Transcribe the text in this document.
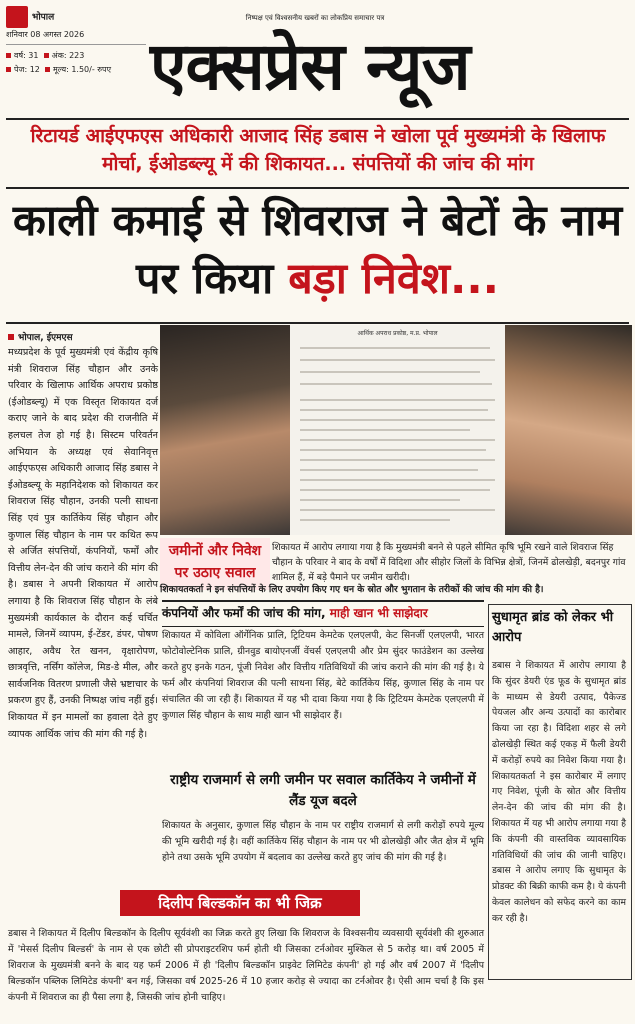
भोपाल
शनिवार 08 अगस्त 2026
वर्ष: 31 अंक: 223
पेज: 12 मूल्य: 1.50/- रुपए
निष्पक्ष एवं विश्वसनीय खबरों का लोकप्रिय समाचार पत्र
एक्सप्रेस न्यूज
रिटायर्ड आईएफएस अधिकारी आजाद सिंह डबास ने खोला पूर्व मुख्यमंत्री के खिलाफ मोर्चा, ईओडब्ल्यू में की शिकायत... संपत्तियों की जांच की मांग
काली कमाई से शिवराज ने बेटों के नाम पर किया बड़ा निवेश...
भोपाल, ईएमएस
मध्यप्रदेश के पूर्व मुख्यमंत्री एवं केंद्रीय कृषि मंत्री शिवराज सिंह चौहान और उनके परिवार के खिलाफ आर्थिक अपराध प्रकोष्ठ (ईओडब्ल्यू) में एक विस्तृत शिकायत दर्ज कराए जाने के बाद प्रदेश की राजनीति में हलचल तेज हो गई है। सिस्टम परिवर्तन अभियान के अध्यक्ष एवं सेवानिवृत्त आईएफएस अधिकारी आजाद सिंह डबास ने ईओडब्ल्यू के महानिदेशक को शिकायत कर शिवराज सिंह चौहान, उनकी पत्नी साधना सिंह एवं पुत्र कार्तिकेय सिंह चौहान और कुणाल सिंह चौहान के नाम पर कथित रूप से अर्जित संपत्तियों, कंपनियों, फर्मों और वित्तीय लेन-देन की जांच कराने की मांग की है। डबास ने अपनी शिकायत में आरोप लगाया है कि शिवराज सिंह चौहान के लंबे मुख्यमंत्री कार्यकाल के दौरान कई चर्चित मामले, जिनमें व्यापम, ई-टेंडर, डंपर, पोषण आहार, अवैध रेत खनन, वृक्षारोपण, छात्रवृत्ति, नर्सिंग कॉलेज, मिड-डे मील, और सार्वजनिक वितरण प्रणाली जैसे भ्रष्टाचार के प्रकरण हुए हैं, उनकी निष्पक्ष जांच नहीं हुई। शिकायत में इन मामलों का हवाला देते हुए व्यापक आर्थिक जांच की मांग की गई है।
आर्थिक अपराध प्रकोष्ठ, म.प्र. भोपाल
जमीनों और निवेश
पर उठाए सवाल
शिकायत में आरोप लगाया गया है कि मुख्यमंत्री बनने से पहले सीमित कृषि भूमि रखने वाले शिवराज सिंह चौहान के परिवार ने बाद के वर्षों में विदिशा और सीहोर जिलों के विभिन्न क्षेत्रों, जिनमें ढोलखेड़ी, बदनपुर गांव शामिल हैं, में बड़े पैमाने पर जमीन खरीदी।
शिकायतकर्ता ने इन संपत्तियों के लिए उपयोग किए गए धन के स्रोत और भुगतान के तरीकों की जांच की मांग की है।
कंपनियों और फर्मों की जांच की मांग, माही खान भी साझेदार
शिकायत में कोविला ऑर्गेनिक प्रालि, ट्रिटियम केमटेक एलएलपी, केट सिनर्जी एलएलपी, भारत फोटोवोल्टेनिक प्रालि, ग्रीनवुड बायोएनर्जी वेंचर्स एलएलपी और प्रेम सुंदर फाउंडेशन का उल्लेख करते हुए इनके गठन, पूंजी निवेश और वित्तीय गतिविधियों की जांच कराने की मांग की गई है। ये फर्म और कंपनियां शिवराज की पत्नी साधना सिंह, बेटे कार्तिकेय सिंह, कुणाल सिंह के नाम पर संचालित की जा रही हैं। शिकायत में यह भी दावा किया गया है कि ट्रिटियम केमटेक एलएलपी में कुणाल सिंह चौहान के साथ माही खान भी साझेदार हैं।
राष्ट्रीय राजमार्ग से लगी जमीन पर सवाल कार्तिकेय ने जमीनों में लैंड यूज बदले
शिकायत के अनुसार, कुणाल सिंह चौहान के नाम पर राष्ट्रीय राजमार्ग से लगी करोड़ों रुपये मूल्य की भूमि खरीदी गई है। वहीं कार्तिकेय सिंह चौहान के नाम पर भी ढोलखेड़ी और जैत क्षेत्र में भूमि होने तथा उसके भूमि उपयोग में बदलाव का उल्लेख करते हुए जांच की मांग की गई है।
सुधामृत ब्रांड को लेकर भी आरोप
डबास ने शिकायत में आरोप लगाया है कि सुंदर डेयरी एंड फूड के सुधामृत ब्रांड के माध्यम से डेयरी उत्पाद, पैकेज्ड पेयजल और अन्य उत्पादों का कारोबार किया जा रहा है। विदिशा शहर से लगे ढोलखेड़ी स्थित कई एकड़ में फैली डेयरी में करोड़ों रुपये का निवेश किया गया है। शिकायतकर्ता ने इस कारोबार में लगाए गए निवेश, पूंजी के स्रोत और वित्तीय लेन-देन की जांच की मांग की है। शिकायत में यह भी आरोप लगाया गया है कि कंपनी की वास्तविक व्यावसायिक गतिविधियों की जांच की जानी चाहिए। डबास ने आरोप लगाए कि सुधामृत के प्रोडक्ट की बिक्री काफी कम है। ये कंपनी केवल कालेधन को सफेद करने का काम कर रही है।
दिलीप बिल्डकॉन का भी जिक्र
डबास ने शिकायत में दिलीप बिल्डकॉन के दिलीप सूर्यवंशी का जिक्र करते हुए लिखा कि शिवराज के विश्वसनीय व्यवसायी सूर्यवंशी की शुरुआत में 'मेसर्स दिलीप बिल्डर्स' के नाम से एक छोटी सी प्रोपराइटरशिप फर्म होती थी जिसका टर्नओवर मुश्किल से 5 करोड़ था। वर्ष 2005 में शिवराज के मुख्यमंत्री बनने के बाद यह फर्म 2006 में ही 'दिलीप बिल्डकॉन प्राइवेट लिमिटेड कंपनी' हो गई और वर्ष 2007 में 'दिलीप बिल्डकॉन पब्लिक लिमिटेड कंपनी' बन गई, जिसका वर्ष 2025-26 में 10 हजार करोड़ से ज्यादा का टर्नओवर है। ऐसी आम चर्चा है कि इस कंपनी में शिवराज का ही पैसा लगा है, जिसकी जांच होनी चाहिए।
